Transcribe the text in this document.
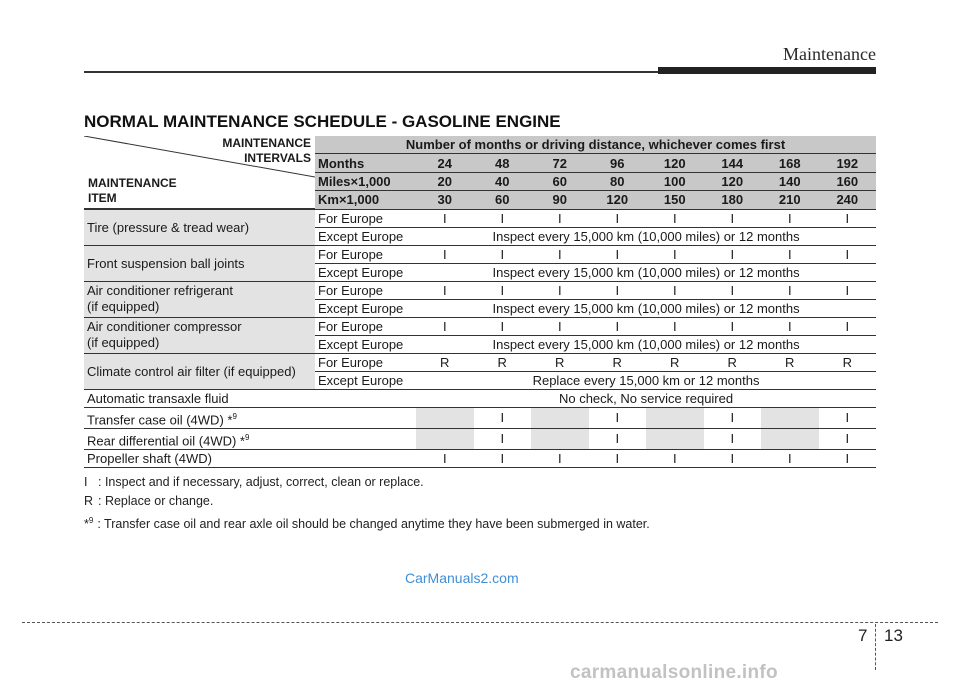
Maintenance
NORMAL MAINTENANCE SCHEDULE - GASOLINE ENGINE
MAINTENANCE
INTERVALS
MAINTENANCE
ITEM	Number of months or driving distance, whichever comes first								
	Months	24	48	72	96	120	144	168	192
	Miles×1,000	20	40	60	80	100	120	140	160
	Km×1,000	30	60	90	120	150	180	210	240

Tire (pressure & tread wear)	For Europe	I	I	I	I	I	I	I	I
	Except Europe	Inspect every 15,000 km (10,000 miles) or 12 months							

Front suspension ball joints	For Europe	I	I	I	I	I	I	I	I
	Except Europe	Inspect every 15,000 km (10,000 miles) or 12 months							

Air conditioner refrigerant
(if equipped)	For Europe	I	I	I	I	I	I	I	I
	Except Europe	Inspect every 15,000 km (10,000 miles) or 12 months							

Air conditioner compressor
(if equipped)	For Europe	I	I	I	I	I	I	I	I
	Except Europe	Inspect every 15,000 km (10,000 miles) or 12 months							

Climate control air filter (if equipped)	For Europe	R	R	R	R	R	R	R	R
	Except Europe	Replace every 15,000 km or 12 months							
Automatic transaxle fluid		No check, No service required							
Transfer case oil (4WD) *$^9$			I		I		I		I
Rear differential oil (4WD) *$^9$			I		I		I		I
Propeller shaft (4WD)		I	I	I	I	I	I	I	I
I : Inspect and if necessary, adjust, correct, clean or replace.
R : Replace or change.
*$^9$ : Transfer case oil and rear axle oil should be changed anytime they have been submerged in water.
CarManuals2.com
7 13
carmanualsonline.info
